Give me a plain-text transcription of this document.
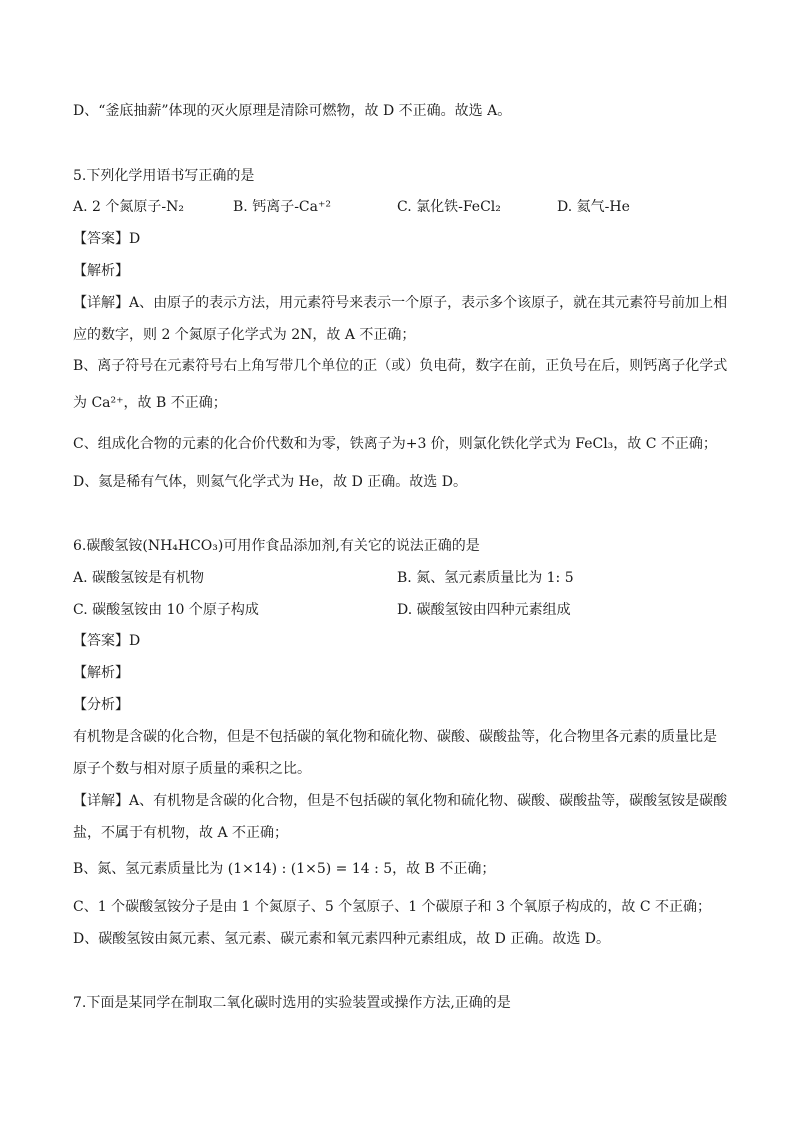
D、“釜底抽薪”体现的灭火原理是清除可燃物，故 D 不正确。故选 A。
5.下列化学用语书写正确的是
A. 2 个氮原子-N₂	B. 钙离子-Ca⁺²	C. 氯化铁-FeCl₂	D. 氦气-He
【答案】D
【解析】
【详解】A、由原子的表示方法，用元素符号来表示一个原子，表示多个该原子，就在其元素符号前加上相
应的数字，则 2 个氮原子化学式为 2N，故 A 不正确；
B、离子符号在元素符号右上角写带几个单位的正（或）负电荷，数字在前，正负号在后，则钙离子化学式
为 Ca²⁺，故 B 不正确；
C、组成化合物的元素的化合价代数和为零，铁离子为+3 价，则氯化铁化学式为 FeCl₃，故 C 不正确；
D、氦是稀有气体，则氦气化学式为 He，故 D 正确。故选 D。
6.碳酸氢铵(NH₄HCO₃)可用作食品添加剂,有关它的说法正确的是
A. 碳酸氢铵是有机物	B. 氮、氢元素质量比为 1: 5
C. 碳酸氢铵由 10 个原子构成	D. 碳酸氢铵由四种元素组成
【答案】D
【解析】
【分析】
有机物是含碳的化合物，但是不包括碳的氧化物和硫化物、碳酸、碳酸盐等，化合物里各元素的质量比是
原子个数与相对原子质量的乘积之比。
【详解】A、有机物是含碳的化合物，但是不包括碳的氧化物和硫化物、碳酸、碳酸盐等，碳酸氢铵是碳酸
盐，不属于有机物，故 A 不正确；
B、氮、氢元素质量比为 (1×14) : (1×5) = 14 : 5，故 B 不正确；
C、1 个碳酸氢铵分子是由 1 个氮原子、5 个氢原子、1 个碳原子和 3 个氧原子构成的，故 C 不正确；
D、碳酸氢铵由氮元素、氢元素、碳元素和氧元素四种元素组成，故 D 正确。故选 D。
7.下面是某同学在制取二氧化碳时选用的实验装置或操作方法,正确的是
